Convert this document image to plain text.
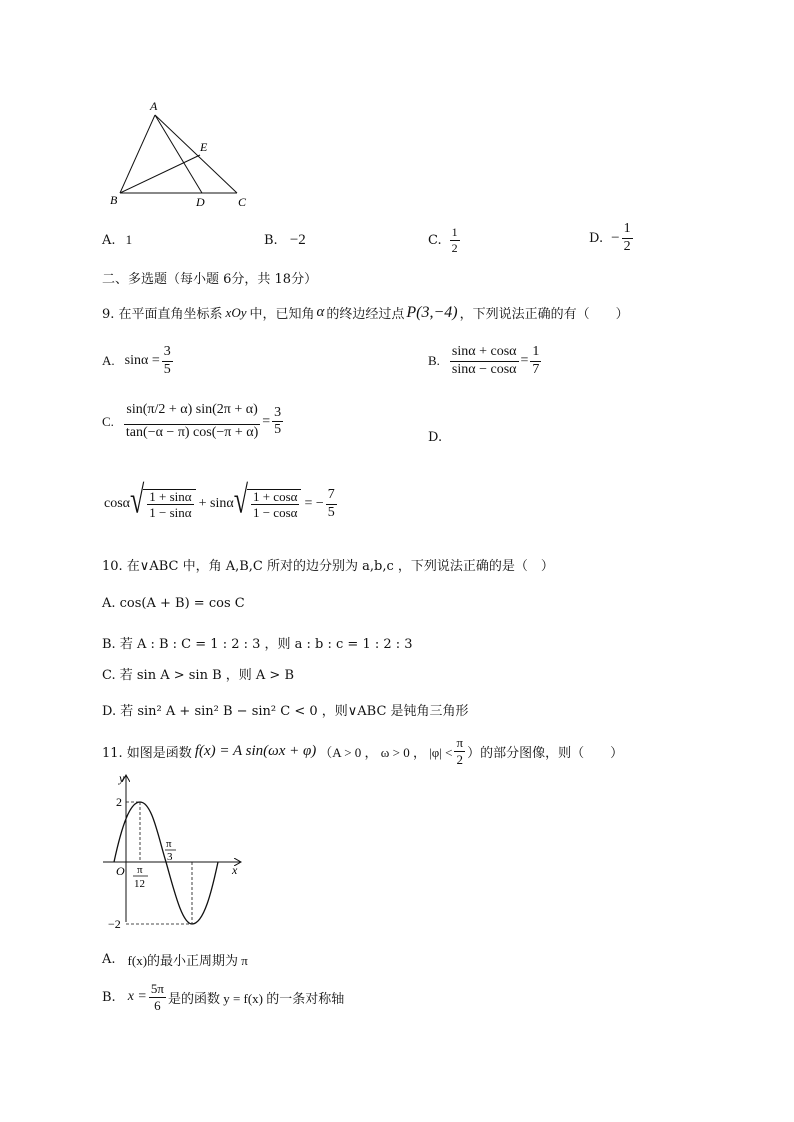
A
B	C
D
E
A. 1	B. −2	C. $\frac{1}{2}$	D. − $\frac{1}{2}$
二、多选题（每小题 6分，共 18分）
9. 在平面直角坐标系 xOy 中，已知角 α 的终边经过点 P(3,−4) ，下列说法正确的有（　　）
A. $\sin\alpha = \frac{3}{5}$	B. $\frac{\sin\alpha + \cos\alpha}{\sin\alpha - \cos\alpha} = \frac{1}{7}$
C. $\frac{\sin(\pi/2 + \alpha) \sin(2\pi + \alpha)}{\tan(-\alpha - \pi) \cos(-\pi + \alpha)} = \frac{3}{5}$	D.
cosα √ $\frac{1 + \sin\alpha}{1 - \sin\alpha} + \sin\alpha$ √ $\frac{1 + \cos\alpha}{1 - \cos\alpha}$ = − $\frac{7}{5}$
10. 在∨ABC 中，角 A,B,C 所对的边分别为 a,b,c ，下列说法正确的是（　）
A. cos(A + B) = cos C
B. 若 A : B : C = 1 : 2 : 3 ，则 a : b : c = 1 : 2 : 3
C. 若 sin A > sin B ，则 A > B
D. 若 sin² A + sin² B − sin² C < 0 ，则∨ABC 是钝角三角形
11. 如图是函数 f(x) = A sin(ωx + φ) （A > 0 ， ω > 0 ， $|\varphi| < \frac{\pi}{2}$ ）的部分图像，则（　　）
y
x
O
2
−2
π
12
π
3
A. f(x)的最小正周期为 π
B. $x = \frac{5\pi}{6}$ 是的函数 y = f(x) 的一条对称轴
